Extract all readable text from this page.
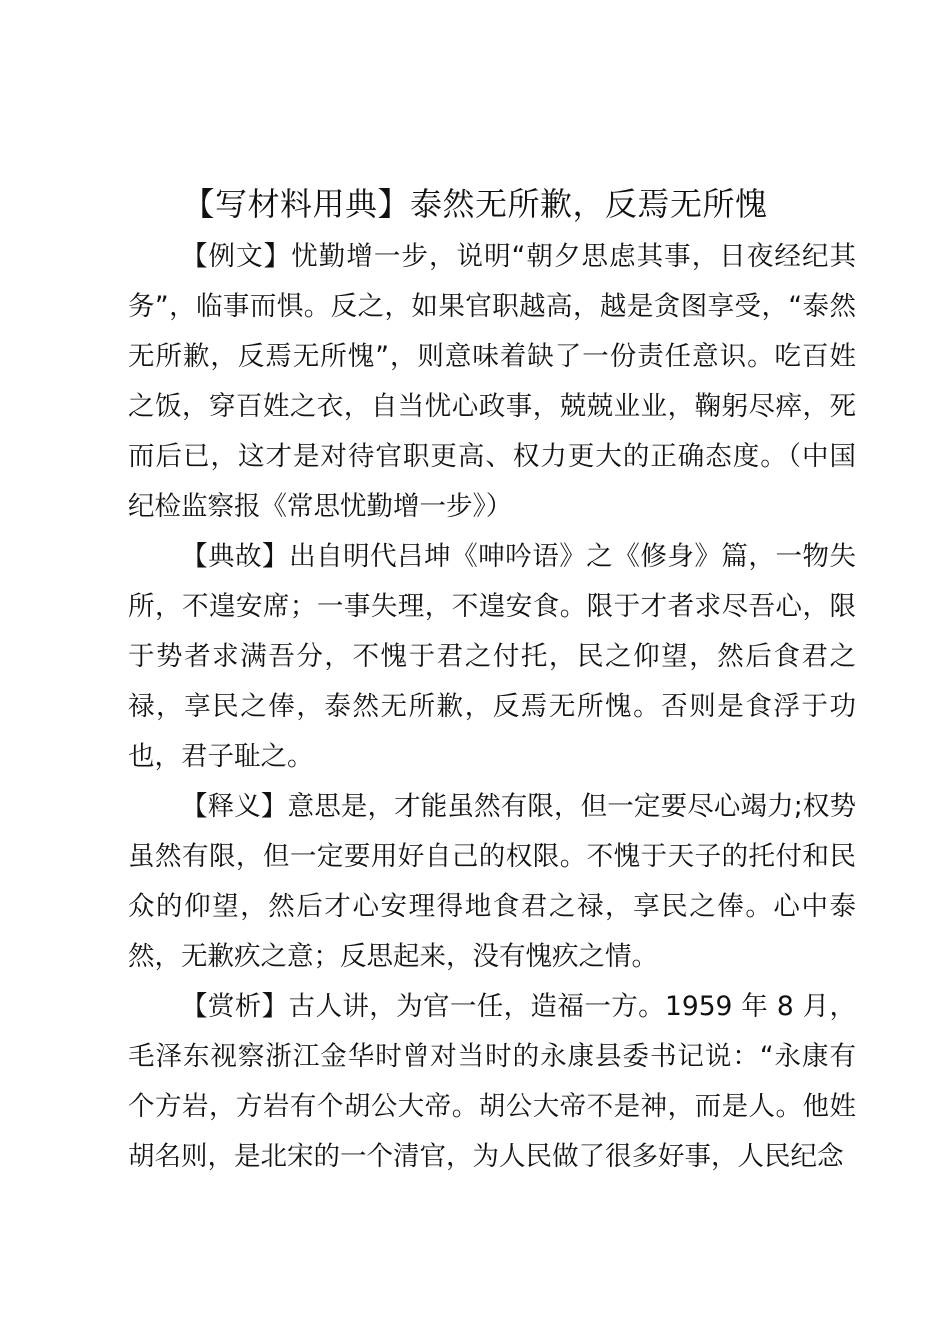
【写材料用典】泰然无所歉，反焉无所愧

【例文】忧勤增一步，说明“朝夕思虑其事，日夜经纪其务”，临事而惧。反之，如果官职越高，越是贪图享受，“泰然无所歉，反焉无所愧”，则意味着缺了一份责任意识。吃百姓之饭，穿百姓之衣，自当忧心政事，兢兢业业，鞠躬尽瘁，死而后已，这才是对待官职更高、权力更大的正确态度。（中国纪检监察报《常思忧勤增一步》）

【典故】出自明代吕坤《呻吟语》之《修身》篇，一物失所，不遑安席；一事失理，不遑安食。限于才者求尽吾心，限于势者求满吾分，不愧于君之付托，民之仰望，然后食君之禄，享民之俸，泰然无所歉，反焉无所愧。否则是食浮于功也，君子耻之。

【释义】意思是，才能虽然有限，但一定要尽心竭力;权势虽然有限，但一定要用好自己的权限。不愧于天子的托付和民众的仰望，然后才心安理得地食君之禄，享民之俸。心中泰然，无歉疚之意；反思起来，没有愧疚之情。

【赏析】古人讲，为官一任，造福一方。1959 年 8 月，毛泽东视察浙江金华时曾对当时的永康县委书记说：“永康有个方岩，方岩有个胡公大帝。胡公大帝不是神，而是人。他姓胡名则，是北宋的一个清官，为人民做了很多好事，人民纪念
